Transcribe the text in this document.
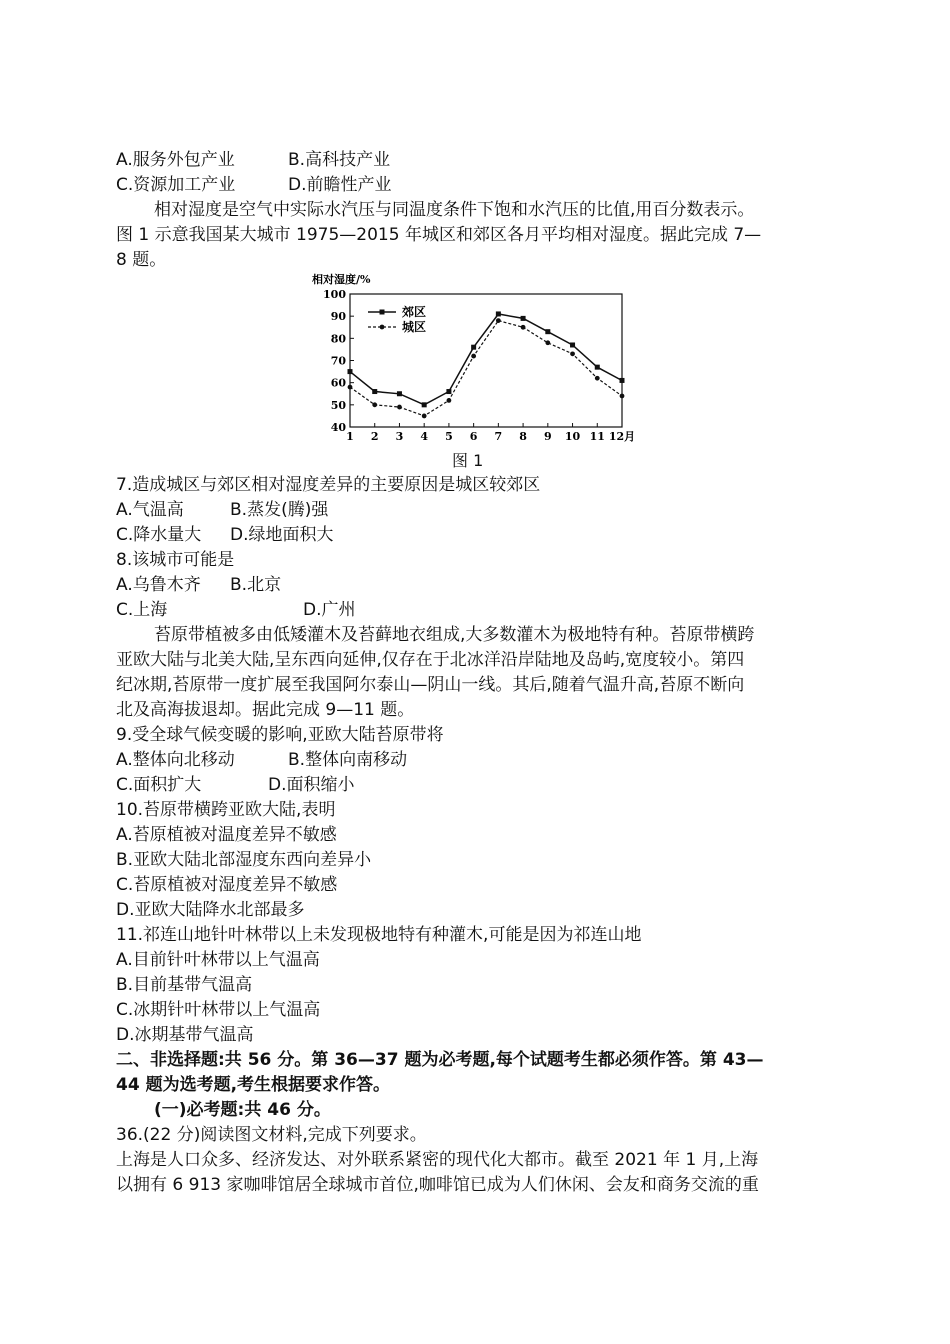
A.服务外包产业	B.高科技产业
C.资源加工产业	D.前瞻性产业
相对湿度是空气中实际水汽压与同温度条件下饱和水汽压的比值,用百分数表示。
图 1 示意我国某大城市 1975—2015 年城区和郊区各月平均相对湿度。据此完成 7—
8 题。
相对湿度/%
40
50
60
70
80
90
100
1 2 3 4 5 6 7 8 9 10 11 12月
郊区
城区
图 1
7.造成城区与郊区相对湿度差异的主要原因是城区较郊区
A.气温高	B.蒸发(腾)强
C.降水量大 D.绿地面积大
8.该城市可能是
A.乌鲁木齐 B.北京
C.上海	D.广州
苔原带植被多由低矮灌木及苔藓地衣组成,大多数灌木为极地特有种。苔原带横跨
亚欧大陆与北美大陆,呈东西向延伸,仅存在于北冰洋沿岸陆地及岛屿,宽度较小。第四
纪冰期,苔原带一度扩展至我国阿尔泰山—阴山一线。其后,随着气温升高,苔原不断向
北及高海拔退却。据此完成 9—11 题。
9.受全球气候变暖的影响,亚欧大陆苔原带将
A.整体向北移动	B.整体向南移动
C.面积扩大	D.面积缩小
10.苔原带横跨亚欧大陆,表明
A.苔原植被对温度差异不敏感
B.亚欧大陆北部湿度东西向差异小
C.苔原植被对湿度差异不敏感
D.亚欧大陆降水北部最多
11.祁连山地针叶林带以上未发现极地特有种灌木,可能是因为祁连山地
A.目前针叶林带以上气温高
B.目前基带气温高
C.冰期针叶林带以上气温高
D.冰期基带气温高
二、非选择题:共 56 分。第 36—37 题为必考题,每个试题考生都必须作答。第 43—
44 题为选考题,考生根据要求作答。
(一)必考题:共 46 分。
36.(22 分)阅读图文材料,完成下列要求。
上海是人口众多、经济发达、对外联系紧密的现代化大都市。截至 2021 年 1 月,上海
以拥有 6 913 家咖啡馆居全球城市首位,咖啡馆已成为人们休闲、会友和商务交流的重
